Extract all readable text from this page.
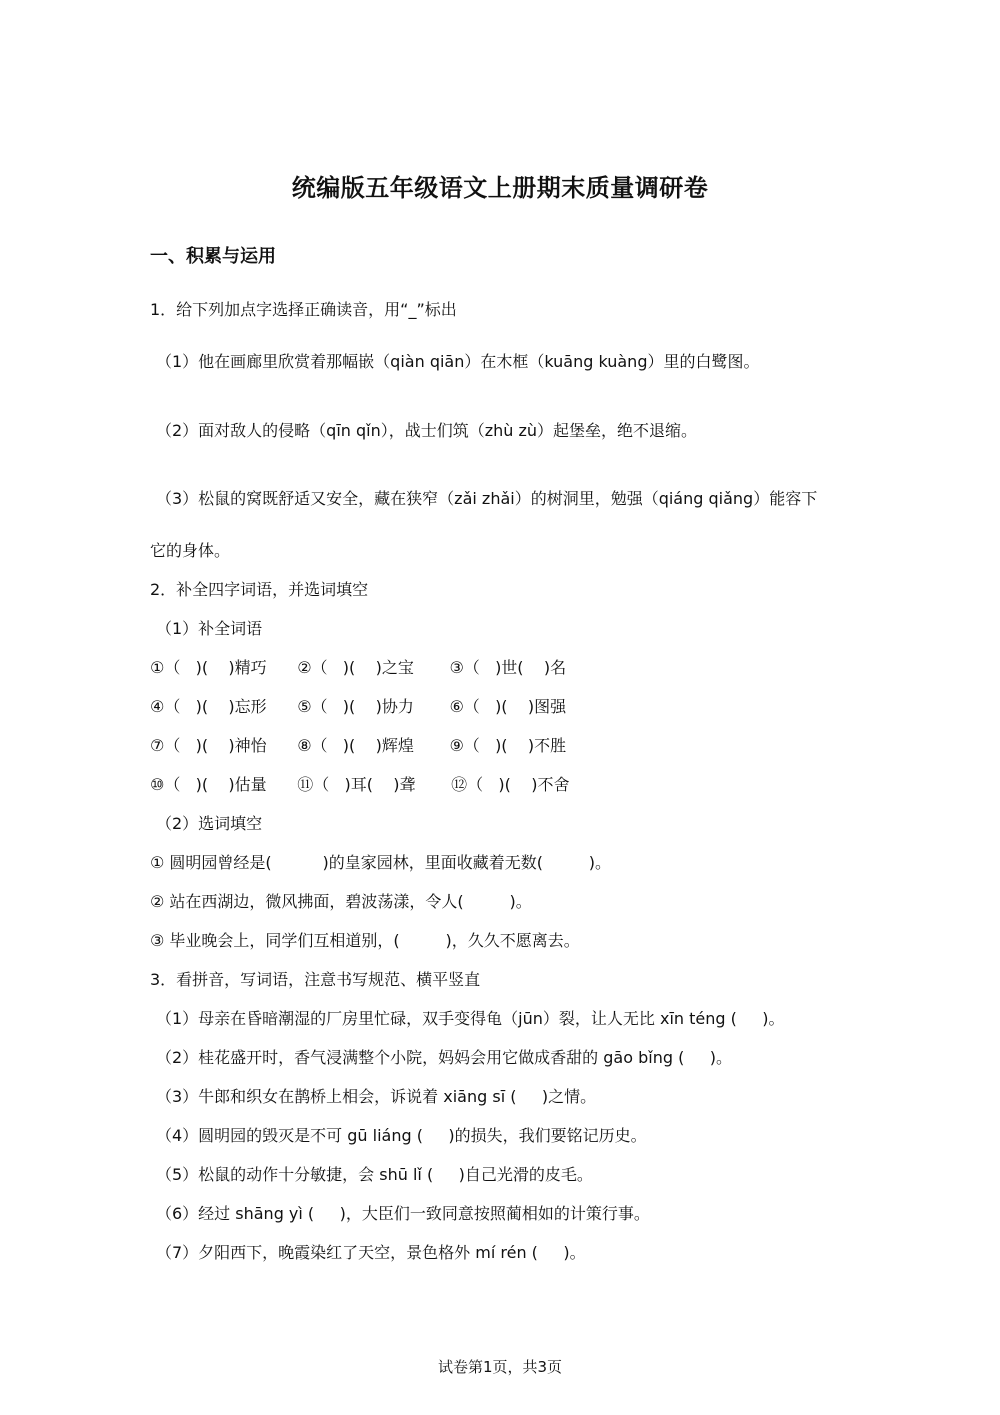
统编版五年级语文上册期末质量调研卷
一、积累与运用
1．给下列加点字选择正确读音，用“_”标出
（1）他在画廊里欣赏着那幅嵌（qiàn qiān）在木框（kuāng kuàng）里的白鹭图。
（2）面对敌人的侵略（qīn qǐn），战士们筑（zhù zù）起堡垒，绝不退缩。
（3）松鼠的窝既舒适又安全，藏在狭窄（zǎi zhǎi）的树洞里，勉强（qiáng qiǎng）能容下
它的身体。
2．补全四字词语，并选词填空
（1）补全词语
①（   )(    )精巧      ②（   )(    )之宝       ③（   )世(    )名
④（   )(    )忘形      ⑤（   )(    )协力       ⑥（   )(    )图强
⑦（   )(    )神怡      ⑧（   )(    )辉煌       ⑨（   )(    )不胜
⑩（   )(    )估量      ⑪（   )耳(    )聋       ⑫（   )(    )不舍
（2）选词填空
① 圆明园曾经是(          )的皇家园林，里面收藏着无数(         )。
② 站在西湖边，微风拂面，碧波荡漾，令人(         )。
③ 毕业晚会上，同学们互相道别，(         )，久久不愿离去。
3．看拼音，写词语，注意书写规范、横平竖直
（1）母亲在昏暗潮湿的厂房里忙碌，双手变得龟（jūn）裂，让人无比 xīn téng (     )。
（2）桂花盛开时，香气浸满整个小院，妈妈会用它做成香甜的 gāo bǐng (     )。
（3）牛郎和织女在鹊桥上相会，诉说着 xiāng sī (     )之情。
（4）圆明园的毁灭是不可 gū liáng (     )的损失，我们要铭记历史。
（5）松鼠的动作十分敏捷，会 shū lǐ (     )自己光滑的皮毛。
（6）经过 shāng yì (     )，大臣们一致同意按照蔺相如的计策行事。
（7）夕阳西下，晚霞染红了天空，景色格外 mí rén (     )。
试卷第1页，共3页
